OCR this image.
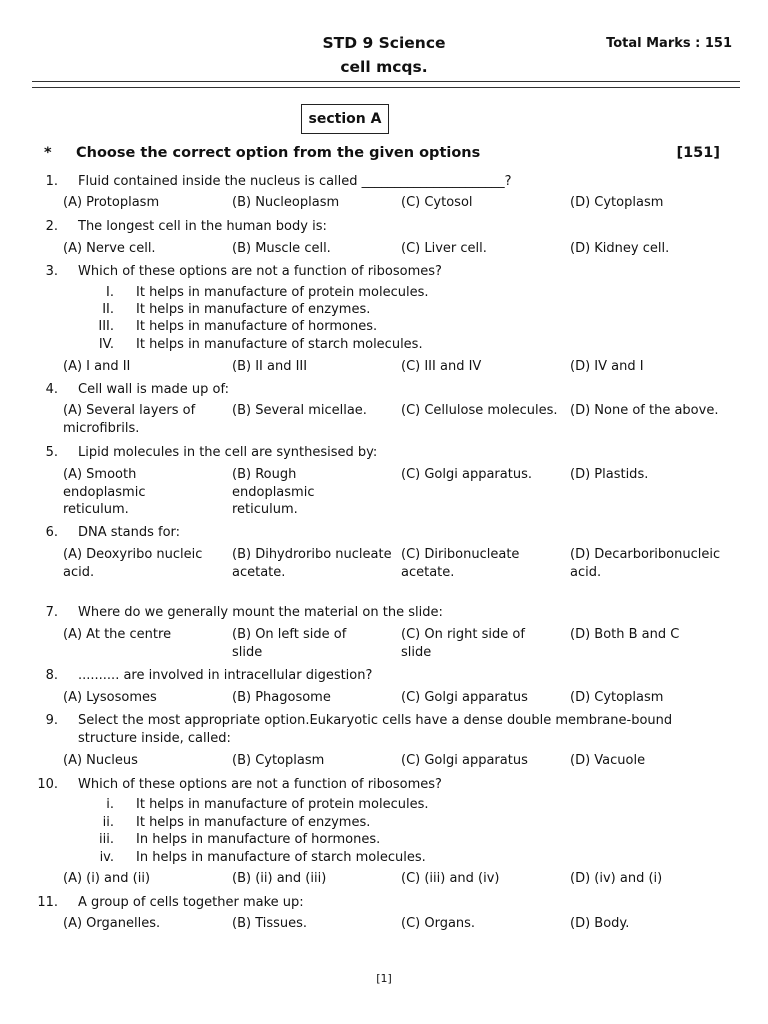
STD 9 Science
cell mcqs.
Total Marks : 151
section A
* Choose the correct option from the given options	[151]
1. Fluid contained inside the nucleus is called ______________________?
(A) Protoplasm	(B) Nucleoplasm	(C) Cytosol	(D) Cytoplasm
2. The longest cell in the human body is:
(A) Nerve cell.	(B) Muscle cell.	(C) Liver cell.	(D) Kidney cell.
3. Which of these options are not a function of ribosomes?
I. It helps in manufacture of protein molecules.
II. It helps in manufacture of enzymes.
III. It helps in manufacture of hormones.
IV. It helps in manufacture of starch molecules.
(A) I and II	(B) II and III	(C) III and IV	(D) IV and I
4. Cell wall is made up of:
(A) Several layers of microfibrils.
(B) Several micellae.	(C) Cellulose molecules. (D) None of the above.
5. Lipid molecules in the cell are synthesised by:
(A) Smooth endoplasmic reticulum.
(B) Rough endoplasmic reticulum.
(C) Golgi apparatus.	(D) Plastids.
6. DNA stands for:
(A) Deoxyribo nucleic acid.
(B) Dihydroribo nucleate acetate.
(C) Diribonucleate acetate.
(D) Decarboribonucleic acid.
7. Where do we generally mount the material on the slide:
(A) At the centre	(B) On left side of slide
(C) On right side of slide
(D) Both B and C
8. .......... are involved in intracellular digestion?
(A) Lysosomes	(B) Phagosome	(C) Golgi apparatus	(D) Cytoplasm
9. Select the most appropriate option.Eukaryotic cells have a dense double membrane-bound structure inside, called:
(A) Nucleus	(B) Cytoplasm	(C) Golgi apparatus	(D) Vacuole
10. Which of these options are not a function of ribosomes?
i. It helps in manufacture of protein molecules.
ii. It helps in manufacture of enzymes.
iii. In helps in manufacture of hormones.
iv. In helps in manufacture of starch molecules.
(A) (i) and (ii)	(B) (ii) and (iii)	(C) (iii) and (iv)	(D) (iv) and (i)
11. A group of cells together make up:
(A) Organelles.	(B) Tissues.	(C) Organs.	(D) Body.
[1]
